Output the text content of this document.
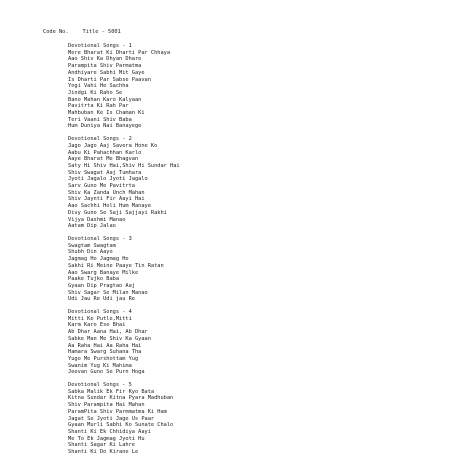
Code No.	Title - 5001
Devotional Songs - 1
Mere Bharat Ki Dharti Par Chhaya
Aao Shiv Ka Dhyan Dhare
Parampita Shiv Parmatma
Andhiyare Sabhi Mit Gaye
Is Dharti Par Sabse Paavan
Yogi Vahi He Sachha
Jindgi Ki Raho Se
Bano Mahan Karo Kalyaan
Pavitrta Ki Rah Par
Mahbuban Ke Is Chaman Ki
Teri Vaani Shiv Baba
Hum Duniya Nai Banayege
Devotional Songs - 2
Jago Jago Aaj Savera Hone Ko
Aabu Ki Pahachhan Karlo
Aaye Bharat Me Bhagvan
Saty Hi Shiv Hai,Shiv Hi Sundar Hai
Shiv Swagat Aaj Tumhara
Jyoti Jagalo Jyoti Jagalo
Sarv Guno Me Pavitrta
Shiv Ka Zanda Unch Mahan
Shiv Jaynti Fir Aayi Hai
Aao Sachhi Holi Hum Manaye
Divy Guno Se Saji Sajjayi Rakhi
Vijya Dashmi Manao
Aatam Dip Jalao
Devotional Songs - 3
Swagtam Swagtam
Shubh Din Aayo
Jagmag Ho Jagmag Ho
Sakhi Ri Meine Paaye Tin Ratan
Aao Swarg Banaye Milke
Paake Tujko Baba
Gyaan Dip Pragtao Aaj
Shiv Sagar Se Milan Manao
Udi Jau Re Udi jau Re
Devotional Songs - 4
Mitti Ke Putle,Mitti
Karm Karo Ese Bhai
Ab Dhar Aana Hai, Ab Dhar
Sabke Man Me Shiv Ka Gyaan
Aa Raha Hai Aa Raha Hai
Hamara Swarg Suhana Tha
Yugo Me Purshottam Yug
Swanim Yug Ki Mahima
Jeevan Guno Se Purn Hoga
Devotional Songs - 5
Sabka Malik Ek Fir Kyo Bata
Kitna Sundar Kitna Pyara Madhuban
Shiv Parampita Hai Mahan
ParamPita Shiv Parmmatma Ki Ham
Jagat Se Jyoti Jage Us Paar
Gyaan Murli Sabhi Ko Sunate Chalo
Shanti Ki Ek Chhidiya Aayi
Me To Ek Jagmag Jyoti Hu
Shanti Sagar Ki Lahre
Shanti Ki Do Kirane Le
